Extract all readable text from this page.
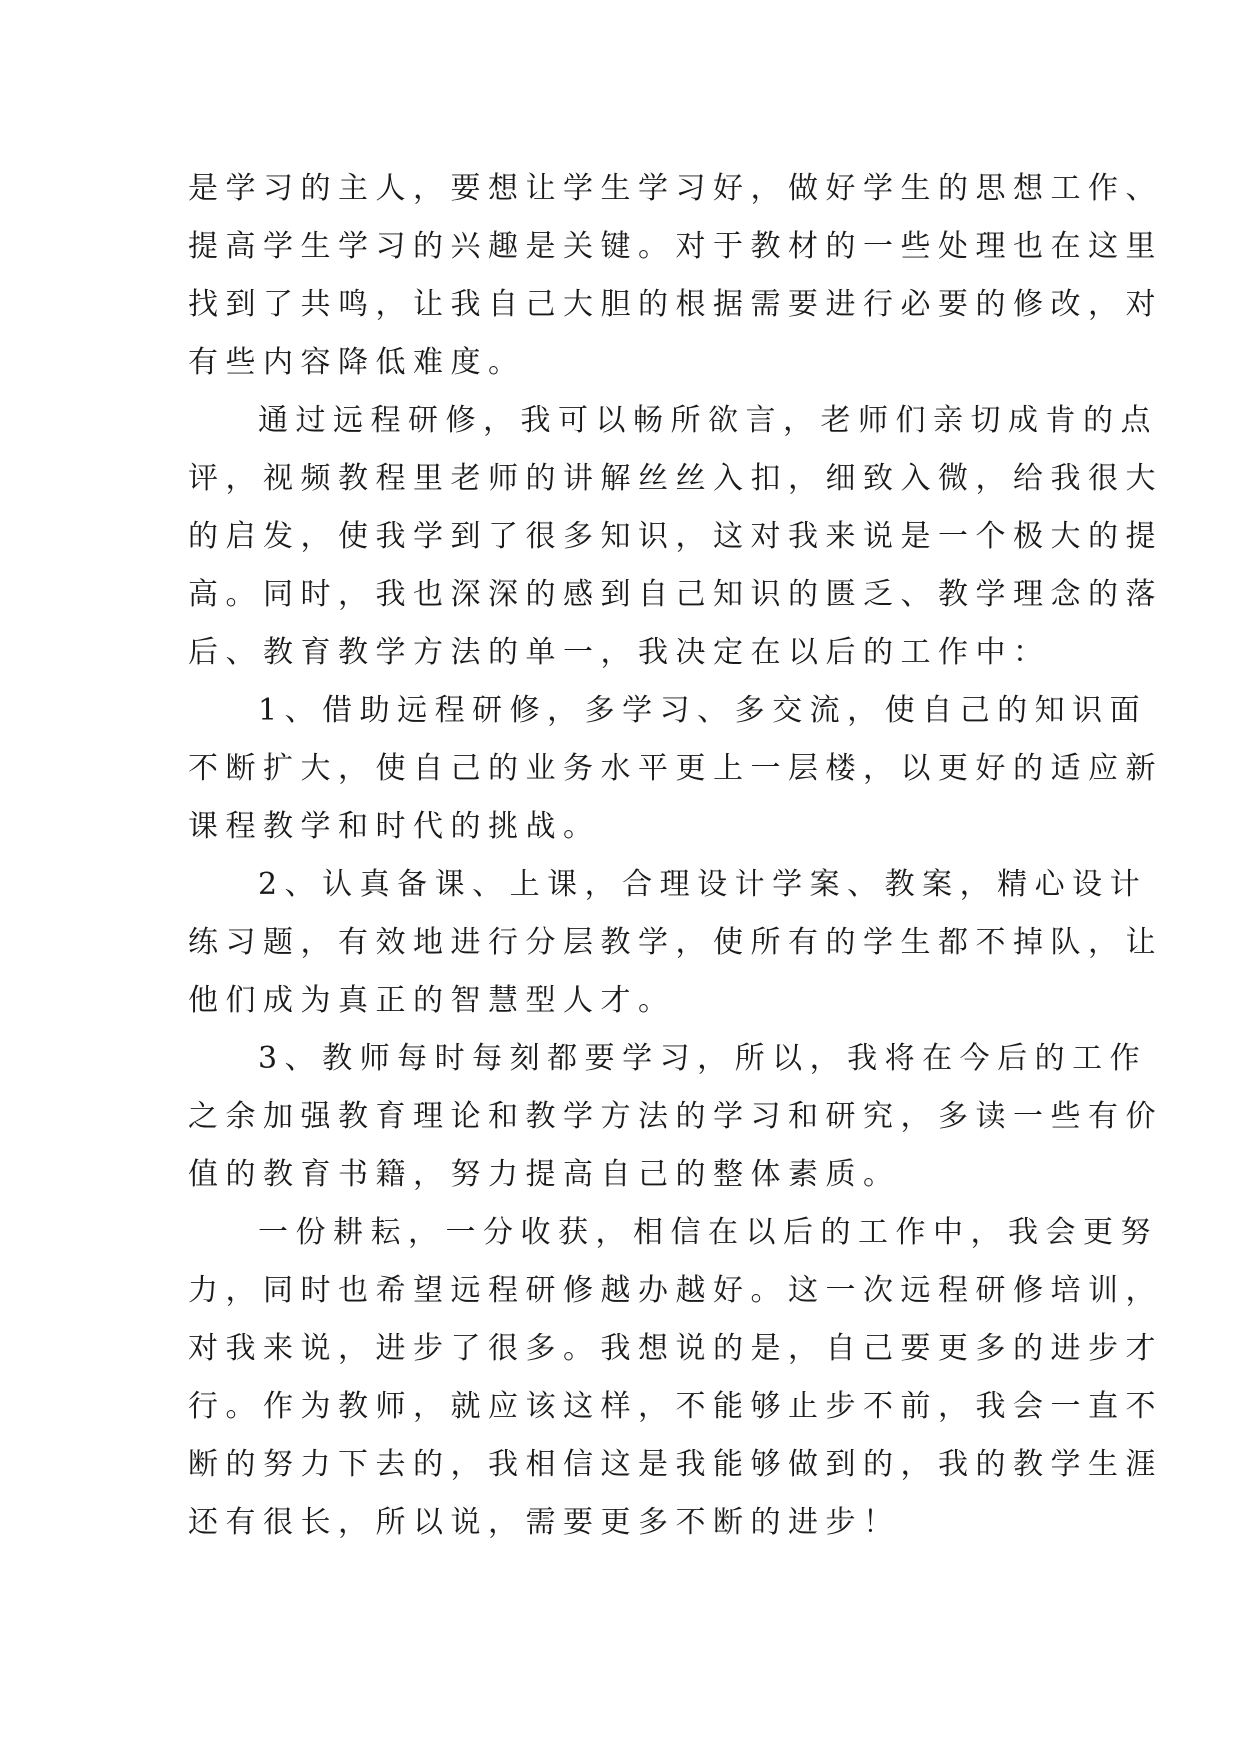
是学习的主人，要想让学生学习好，做好学生的思想工作、
提高学生学习的兴趣是关键。对于教材的一些处理也在这里
找到了共鸣，让我自己大胆的根据需要进行必要的修改，对
有些内容降低难度。
通过远程研修，我可以畅所欲言，老师们亲切成肯的点
评，视频教程里老师的讲解丝丝入扣，细致入微，给我很大
的启发，使我学到了很多知识，这对我来说是一个极大的提
高。同时，我也深深的感到自己知识的匮乏、教学理念的落
后、教育教学方法的单一，我决定在以后的工作中：
1、借助远程研修，多学习、多交流，使自己的知识面
不断扩大，使自己的业务水平更上一层楼，以更好的适应新
课程教学和时代的挑战。
2、认真备课、上课，合理设计学案、教案，精心设计
练习题，有效地进行分层教学，使所有的学生都不掉队，让
他们成为真正的智慧型人才。
3、教师每时每刻都要学习，所以，我将在今后的工作
之余加强教育理论和教学方法的学习和研究，多读一些有价
值的教育书籍，努力提高自己的整体素质。
一份耕耘，一分收获，相信在以后的工作中，我会更努
力，同时也希望远程研修越办越好。这一次远程研修培训，
对我来说，进步了很多。我想说的是，自己要更多的进步才
行。作为教师，就应该这样，不能够止步不前，我会一直不
断的努力下去的，我相信这是我能够做到的，我的教学生涯
还有很长，所以说，需要更多不断的进步！
